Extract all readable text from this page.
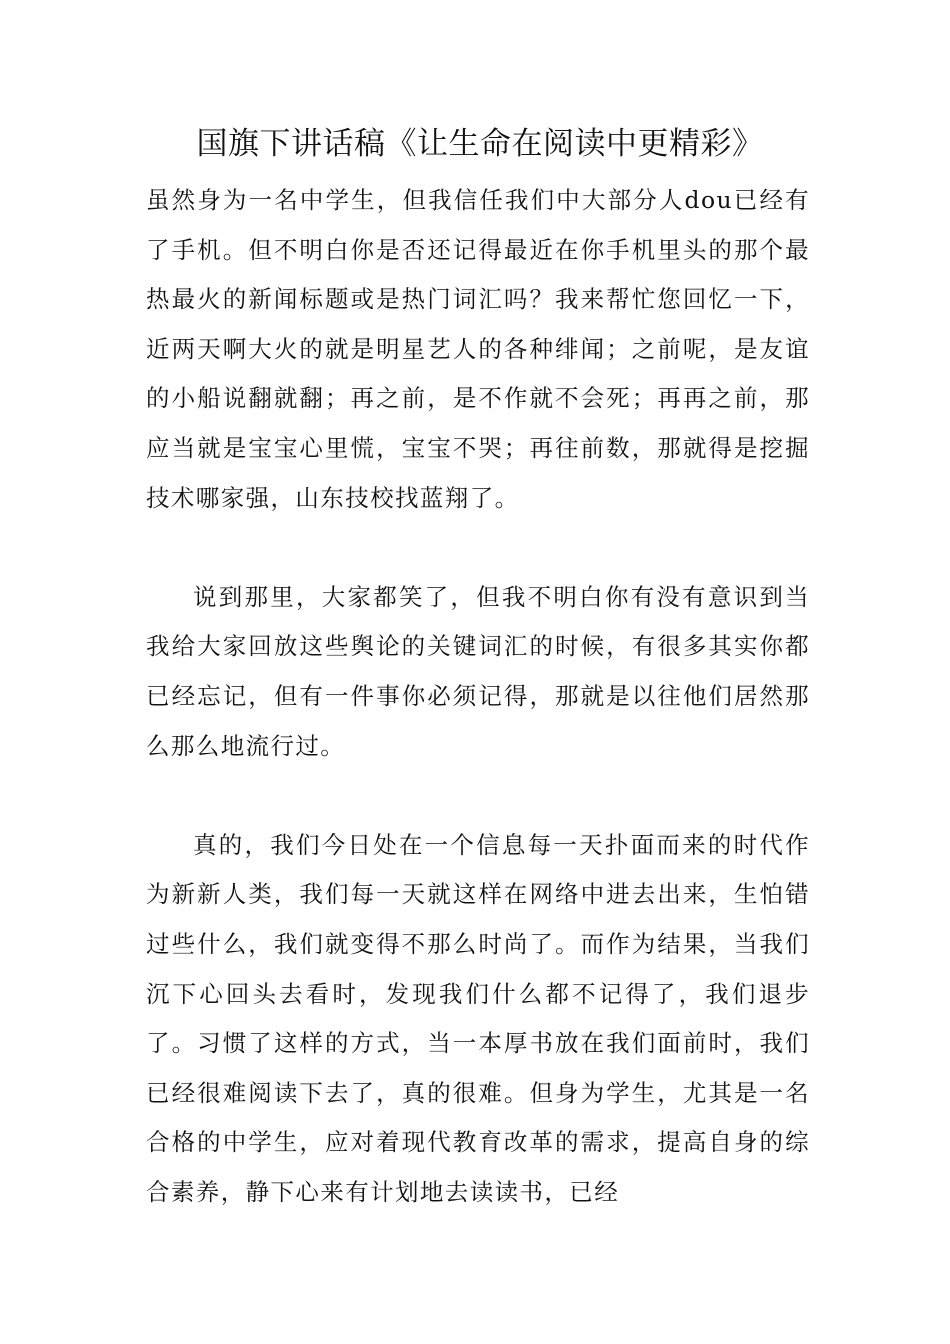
国旗下讲话稿《让生命在阅读中更精彩》

虽然身为一名中学生，但我信任我们中大部分人dou已经有了手机。但不明白你是否还记得最近在你手机里头的那个最热最火的新闻标题或是热门词汇吗？我来帮忙您回忆一下，近两天啊大火的就是明星艺人的各种绯闻；之前呢，是友谊的小船说翻就翻；再之前，是不作就不会死；再再之前，那应当就是宝宝心里慌，宝宝不哭；再往前数，那就得是挖掘技术哪家强，山东技校找蓝翔了。

说到那里，大家都笑了，但我不明白你有没有意识到当我给大家回放这些舆论的关键词汇的时候，有很多其实你都已经忘记，但有一件事你必须记得，那就是以往他们居然那么那么地流行过。

真的，我们今日处在一个信息每一天扑面而来的时代作为新新人类，我们每一天就这样在网络中进去出来，生怕错过些什么，我们就变得不那么时尚了。而作为结果，当我们沉下心回头去看时，发现我们什么都不记得了，我们退步了。习惯了这样的方式，当一本厚书放在我们面前时，我们已经很难阅读下去了，真的很难。但身为学生，尤其是一名合格的中学生，应对着现代教育改革的需求，提高自身的综合素养，静下心来有计划地去读读书，已经
